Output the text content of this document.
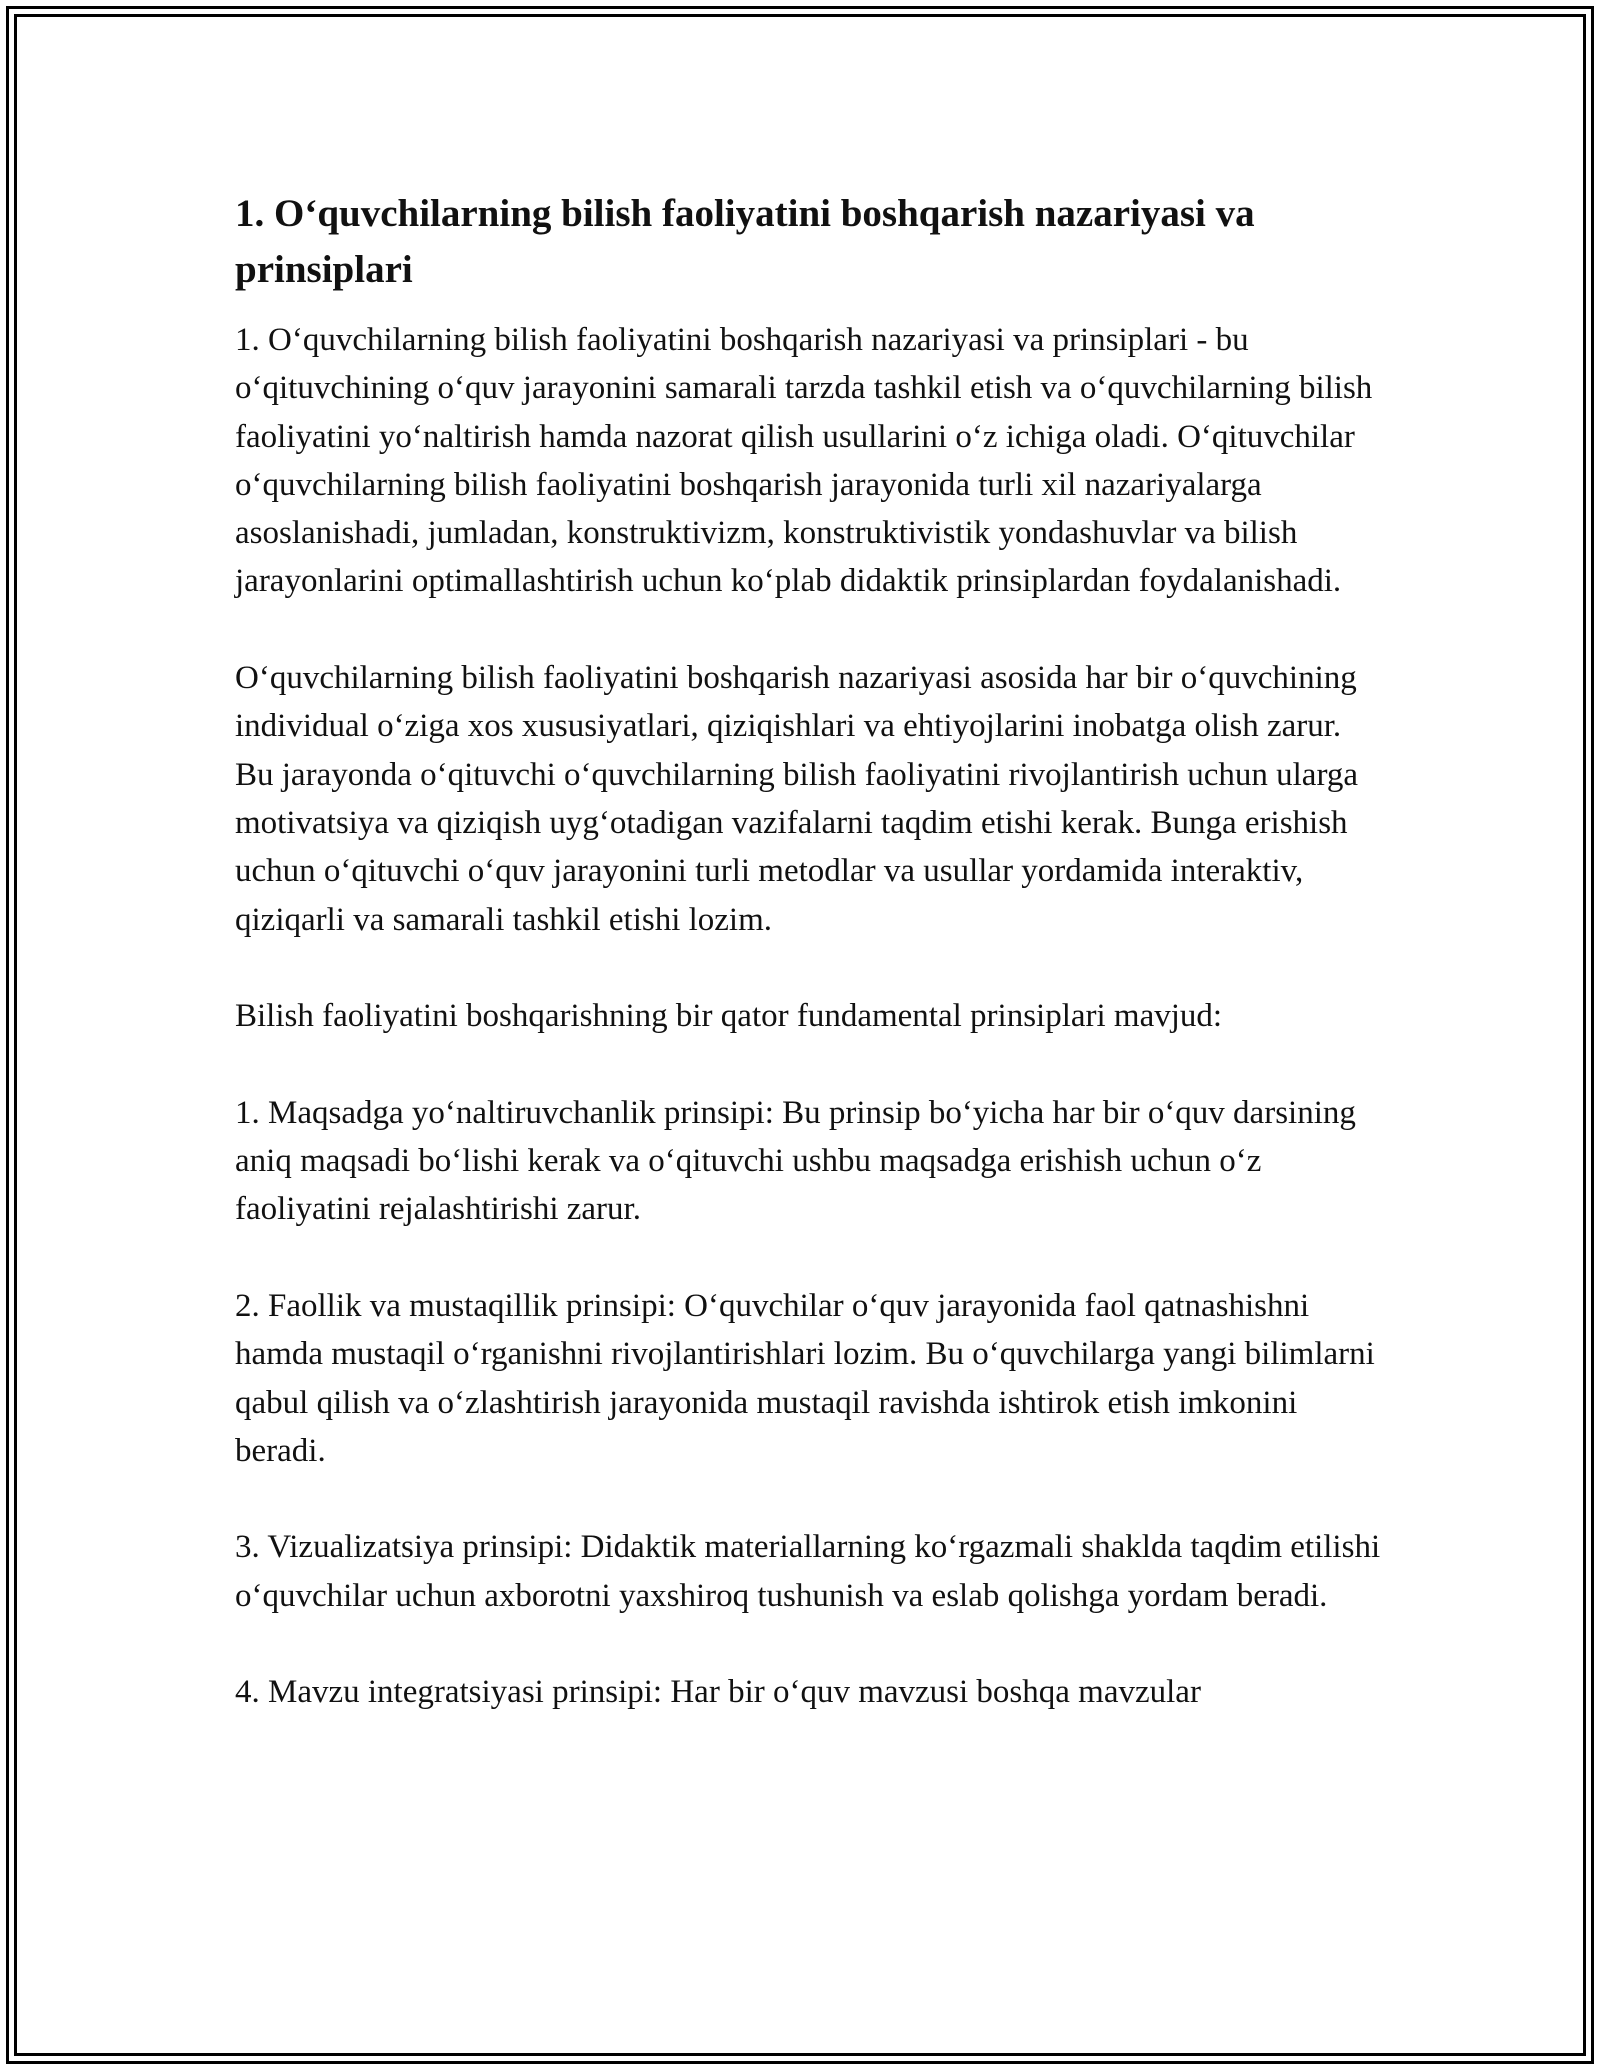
1. Oʻquvchilarning bilish faoliyatini boshqarish nazariyasi va prinsiplari

1. Oʻquvchilarning bilish faoliyatini boshqarish nazariyasi va prinsiplari - bu oʻqituvchining oʻquv jarayonini samarali tarzda tashkil etish va oʻquvchilarning bilish faoliyatini yoʻnaltirish hamda nazorat qilish usullarini oʻz ichiga oladi. Oʻqituvchilar oʻquvchilarning bilish faoliyatini boshqarish jarayonida turli xil nazariyalarga asoslanishadi, jumladan, konstruktivizm, konstruktivistik yondashuvlar va bilish jarayonlarini optimallashtirish uchun koʻplab didaktik prinsiplardan foydalanishadi.

Oʻquvchilarning bilish faoliyatini boshqarish nazariyasi asosida har bir oʻquvchining individual oʻziga xos xususiyatlari, qiziqishlari va ehtiyojlarini inobatga olish zarur. Bu jarayonda oʻqituvchi oʻquvchilarning bilish faoliyatini rivojlantirish uchun ularga motivatsiya va qiziqish uygʻotadigan vazifalarni taqdim etishi kerak. Bunga erishish uchun oʻqituvchi oʻquv jarayonini turli metodlar va usullar yordamida interaktiv, qiziqarli va samarali tashkil etishi lozim.

Bilish faoliyatini boshqarishning bir qator fundamental prinsiplari mavjud:

1. Maqsadga yoʻnaltiruvchanlik prinsipi: Bu prinsip boʻyicha har bir oʻquv darsining aniq maqsadi boʻlishi kerak va oʻqituvchi ushbu maqsadga erishish uchun oʻz faoliyatini rejalashtirishi zarur.

2. Faollik va mustaqillik prinsipi: Oʻquvchilar oʻquv jarayonida faol qatnashishni hamda mustaqil oʻrganishni rivojlantirishlari lozim. Bu oʻquvchilarga yangi bilimlarni qabul qilish va oʻzlashtirish jarayonida mustaqil ravishda ishtirok etish imkonini beradi.

3. Vizualizatsiya prinsipi: Didaktik materiallarning koʻrgazmali shaklda taqdim etilishi oʻquvchilar uchun axborotni yaxshiroq tushunish va eslab qolishga yordam beradi.

4. Mavzu integratsiyasi prinsipi: Har bir oʻquv mavzusi boshqa mavzular
